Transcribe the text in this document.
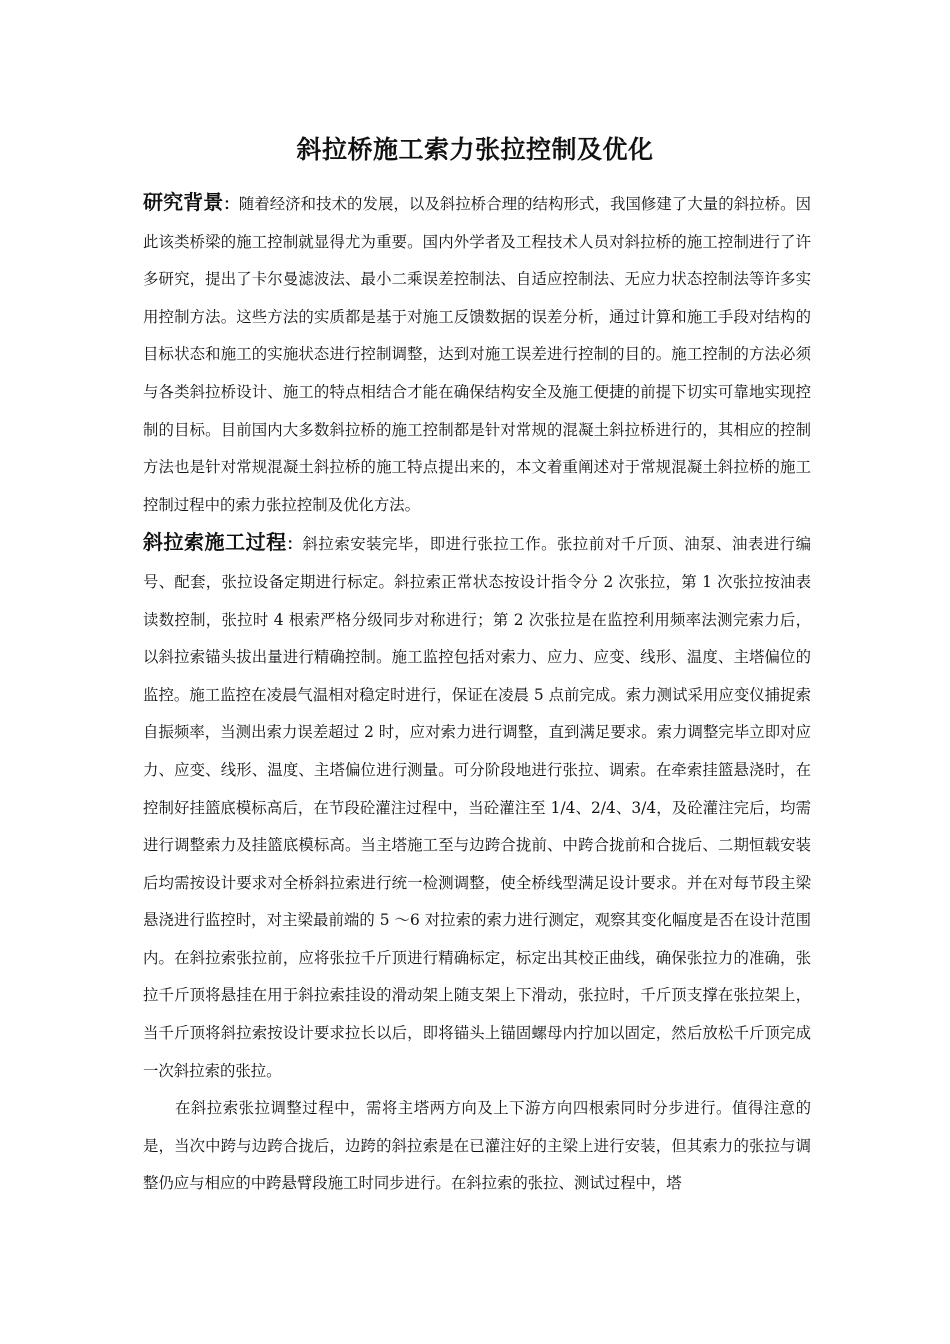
斜拉桥施工索力张拉控制及优化

研究背景：随着经济和技术的发展，以及斜拉桥合理的结构形式，我国修建了大量的斜拉桥。因此该类桥梁的施工控制就显得尤为重要。国内外学者及工程技术人员对斜拉桥的施工控制进行了许多研究，提出了卡尔曼滤波法、最小二乘误差控制法、自适应控制法、无应力状态控制法等许多实用控制方法。这些方法的实质都是基于对施工反馈数据的误差分析，通过计算和施工手段对结构的目标状态和施工的实施状态进行控制调整，达到对施工误差进行控制的目的。施工控制的方法必须与各类斜拉桥设计、施工的特点相结合才能在确保结构安全及施工便捷的前提下切实可靠地实现控制的目标。目前国内大多数斜拉桥的施工控制都是针对常规的混凝土斜拉桥进行的，其相应的控制方法也是针对常规混凝土斜拉桥的施工特点提出来的，本文着重阐述对于常规混凝土斜拉桥的施工控制过程中的索力张拉控制及优化方法。

斜拉索施工过程：斜拉索安装完毕，即进行张拉工作。张拉前对千斤顶、油泵、油表进行编号、配套，张拉设备定期进行标定。斜拉索正常状态按设计指令分 2 次张拉，第 1 次张拉按油表读数控制，张拉时 4 根索严格分级同步对称进行；第 2 次张拉是在监控利用频率法测完索力后，以斜拉索锚头拔出量进行精确控制。施工监控包括对索力、应力、应变、线形、温度、主塔偏位的监控。施工监控在凌晨气温相对稳定时进行，保证在凌晨 5 点前完成。索力测试采用应变仪捕捉索自振频率，当测出索力误差超过 2 时，应对索力进行调整，直到满足要求。索力调整完毕立即对应力、应变、线形、温度、主塔偏位进行测量。可分阶段地进行张拉、调索。在牵索挂篮悬浇时，在控制好挂篮底模标高后，在节段砼灌注过程中，当砼灌注至 1/4、2/4、3/4，及砼灌注完后，均需进行调整索力及挂篮底模标高。当主塔施工至与边跨合拢前、中跨合拢前和合拢后、二期恒载安装后均需按设计要求对全桥斜拉索进行统一检测调整，使全桥线型满足设计要求。并在对每节段主梁悬浇进行监控时，对主梁最前端的 5 ～6 对拉索的索力进行测定，观察其变化幅度是否在设计范围内。在斜拉索张拉前，应将张拉千斤顶进行精确标定，标定出其校正曲线，确保张拉力的准确，张拉千斤顶将悬挂在用于斜拉索挂设的滑动架上随支架上下滑动，张拉时，千斤顶支撑在张拉架上，当千斤顶将斜拉索按设计要求拉长以后，即将锚头上锚固螺母内拧加以固定，然后放松千斤顶完成一次斜拉索的张拉。

在斜拉索张拉调整过程中，需将主塔两方向及上下游方向四根索同时分步进行。值得注意的是，当次中跨与边跨合拢后，边跨的斜拉索是在已灌注好的主梁上进行安装，但其索力的张拉与调整仍应与相应的中跨悬臂段施工时同步进行。在斜拉索的张拉、测试过程中，塔
